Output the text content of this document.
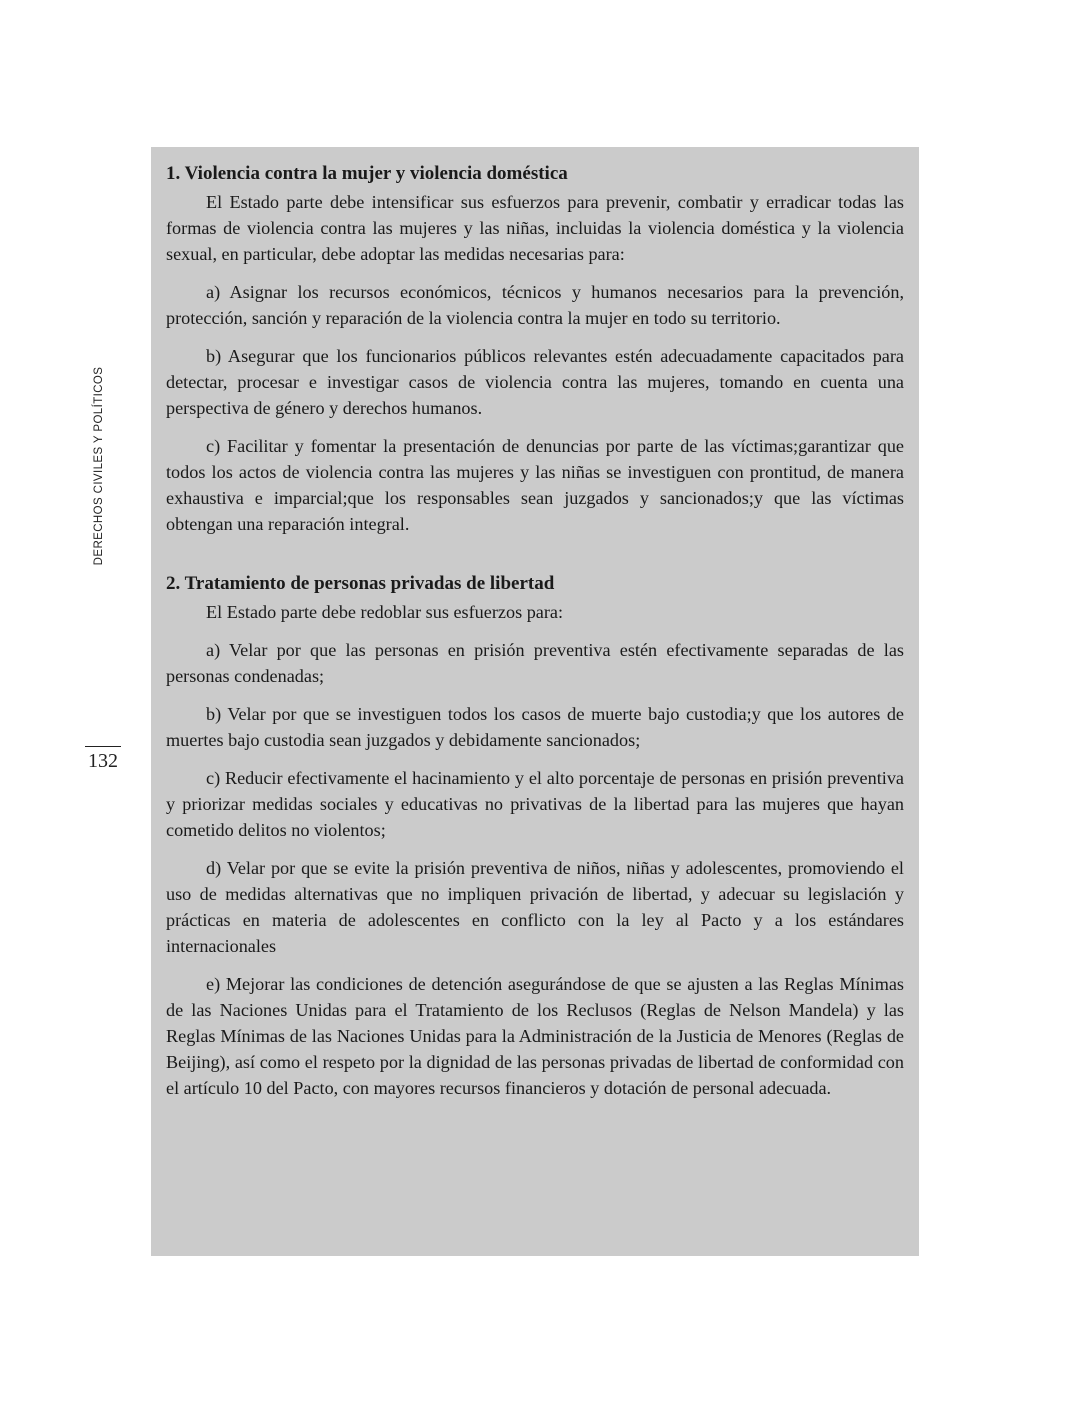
DERECHOS CIVILES Y POLÍTICOS
132
1. Violencia contra la mujer y violencia doméstica

El Estado parte debe intensificar sus esfuerzos para prevenir, combatir y erradicar todas las formas de violencia contra las mujeres y las niñas, incluidas la violencia doméstica y la violencia sexual, en particular, debe adoptar las medidas necesarias para:

a) Asignar los recursos económicos, técnicos y humanos necesarios para la prevención, protección, sanción y reparación de la violencia contra la mujer en todo su territorio.

b) Asegurar que los funcionarios públicos relevantes estén adecuadamente capacitados para detectar, procesar e investigar casos de violencia contra las mujeres, tomando en cuenta una perspectiva de género y derechos humanos.

c) Facilitar y fomentar la presentación de denuncias por parte de las víctimas;garantizar que todos los actos de violencia contra las mujeres y las niñas se investiguen con prontitud, de manera exhaustiva e imparcial;que los responsables sean juzgados y sancionados;y que las víctimas obtengan una reparación integral.

2. Tratamiento de personas privadas de libertad

El Estado parte debe redoblar sus esfuerzos para:

a) Velar por que las personas en prisión preventiva estén efectivamente separadas de las personas condenadas;

b) Velar por que se investiguen todos los casos de muerte bajo custodia;y que los autores de muertes bajo custodia sean juzgados y debidamente sancionados;

c) Reducir efectivamente el hacinamiento y el alto porcentaje de personas en prisión preventiva y priorizar medidas sociales y educativas no privativas de la libertad para las mujeres que hayan cometido delitos no violentos;

d) Velar por que se evite la prisión preventiva de niños, niñas y adolescentes, promoviendo el uso de medidas alternativas que no impliquen privación de libertad, y adecuar su legislación y prácticas en materia de adolescentes en conflicto con la ley al Pacto y a los estándares internacionales

e) Mejorar las condiciones de detención asegurándose de que se ajusten a las Reglas Mínimas de las Naciones Unidas para el Tratamiento de los Reclusos (Reglas de Nelson Mandela) y las Reglas Mínimas de las Naciones Unidas para la Administración de la Justicia de Menores (Reglas de Beijing), así como el respeto por la dignidad de las personas privadas de libertad de conformidad con el artículo 10 del Pacto, con mayores recursos financieros y dotación de personal adecuada.
